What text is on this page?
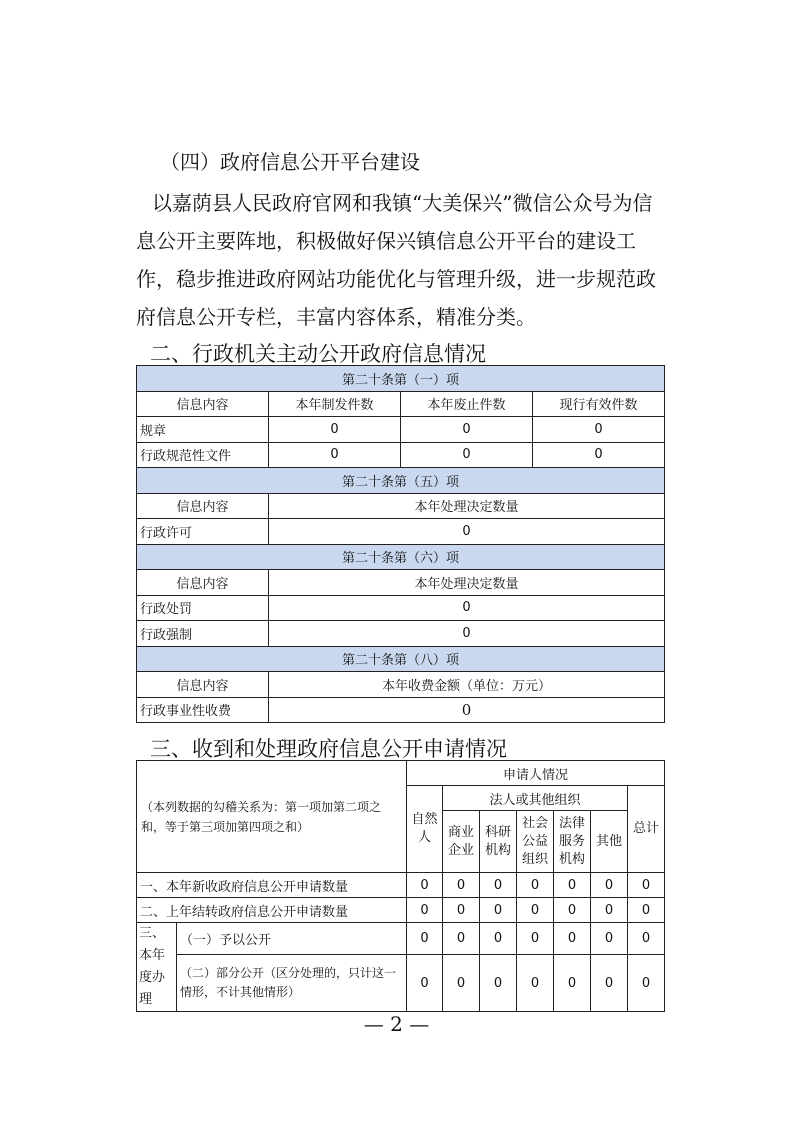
（四）政府信息公开平台建设
以嘉荫县人民政府官网和我镇“大美保兴”微信公众号为信息公开主要阵地，积极做好保兴镇信息公开平台的建设工作，稳步推进政府网站功能优化与管理升级，进一步规范政府信息公开专栏，丰富内容体系，精准分类。
二、行政机关主动公开政府信息情况
第二十条第（一）项			
信息内容	本年制发件数	本年废止件数	现行有效件数
规章	0	0	0
行政规范性文件	0	0	0
第二十条第（五）项			
信息内容	本年处理决定数量		
行政许可	0		
第二十条第（六）项			
信息内容	本年处理决定数量		
行政处罚	0		
行政强制	0		
第二十条第（八）项			
信息内容	本年收费金额（单位：万元）		
行政事业性收费	0		
三、收到和处理政府信息公开申请情况
（本列数据的勾稽关系为：第一项加第二项之和，等于第三项加第四项之和）		申请人情况						
		自然人	法人或其他组织					总计
			商业企业	科研机构	社会公益组织	法律服务机构	其他	
一、本年新收政府信息公开申请数量		0	0	0	0	0	0	0
二、上年结转政府信息公开申请数量		0	0	0	0	0	0	0
三、本年度办理	（一）予以公开	0	0	0	0	0	0	0
	（二）部分公开（区分处理的，只计这一情形，不计其他情形）	0	0	0	0	0	0	0
— 2 —
